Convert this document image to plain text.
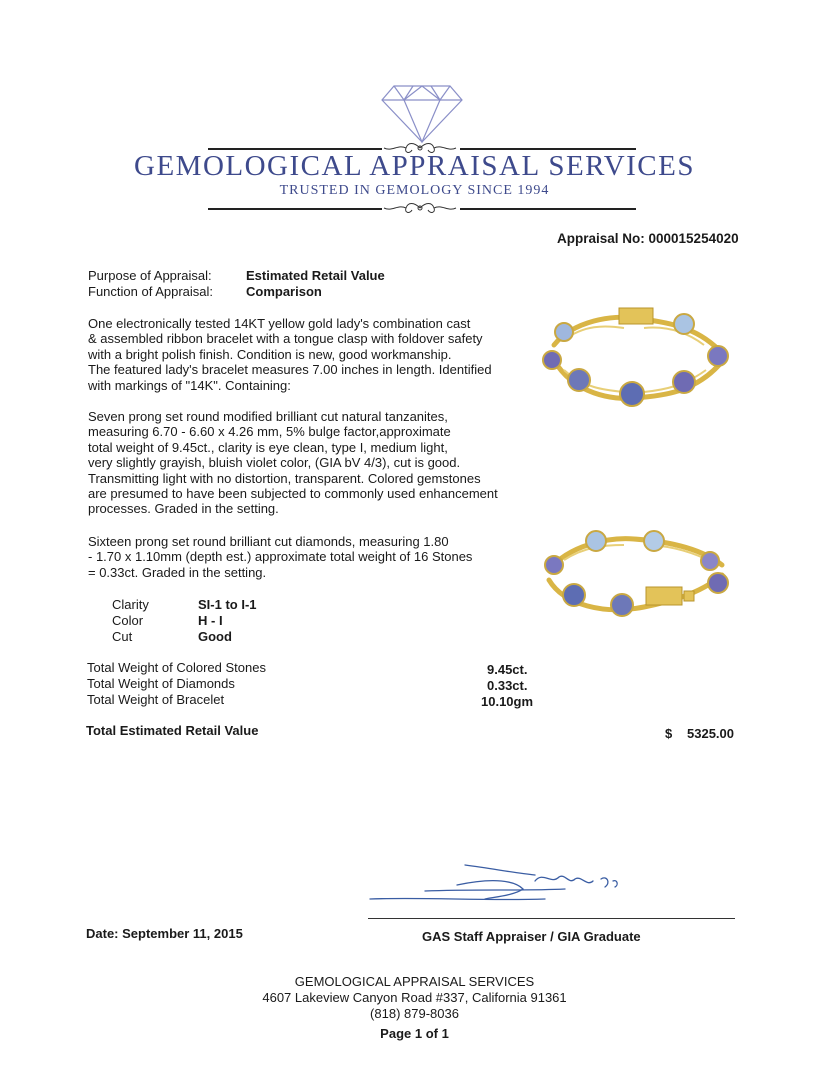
GEMOLOGICAL APPRAISAL SERVICES
TRUSTED IN GEMOLOGY SINCE 1994
Appraisal No: 000015254020
Purpose of Appraisal:	Estimated Retail Value
Function of Appraisal:	Comparison
One electronically tested 14KT yellow gold lady's combination cast
& assembled ribbon bracelet with a tongue clasp with foldover safety
with a bright polish finish. Condition is new, good workmanship.
The featured lady's bracelet measures 7.00 inches in length. Identified
with markings of "14K". Containing:
Seven prong set round modified brilliant cut natural tanzanites,
measuring 6.70 - 6.60 x 4.26 mm, 5% bulge factor,approximate
total weight of 9.45ct., clarity is eye clean, type I, medium light,
very slightly grayish, bluish violet color, (GIA bV 4/3), cut is good.
Transmitting light with no distortion, transparent. Colored gemstones
are presumed to have been subjected to commonly used enhancement
processes. Graded in the setting.
Sixteen prong set round brilliant cut diamonds, measuring 1.80
- 1.70 x 1.10mm (depth est.) approximate total weight of 16 Stones
= 0.33ct. Graded in the setting.
Clarity	SI-1 to I-1
Color	H - I
Cut	Good
Total Weight of Colored Stones	9.45ct.
Total Weight of Diamonds	0.33ct.
Total Weight of Bracelet	10.10gm
Total Estimated Retail Value	$ 5325.00
Date: September 11, 2015	GAS Staff Appraiser / GIA Graduate
GEMOLOGICAL APPRAISAL SERVICES
4607 Lakeview Canyon Road #337, California 91361
(818) 879-8036
Page 1 of 1
